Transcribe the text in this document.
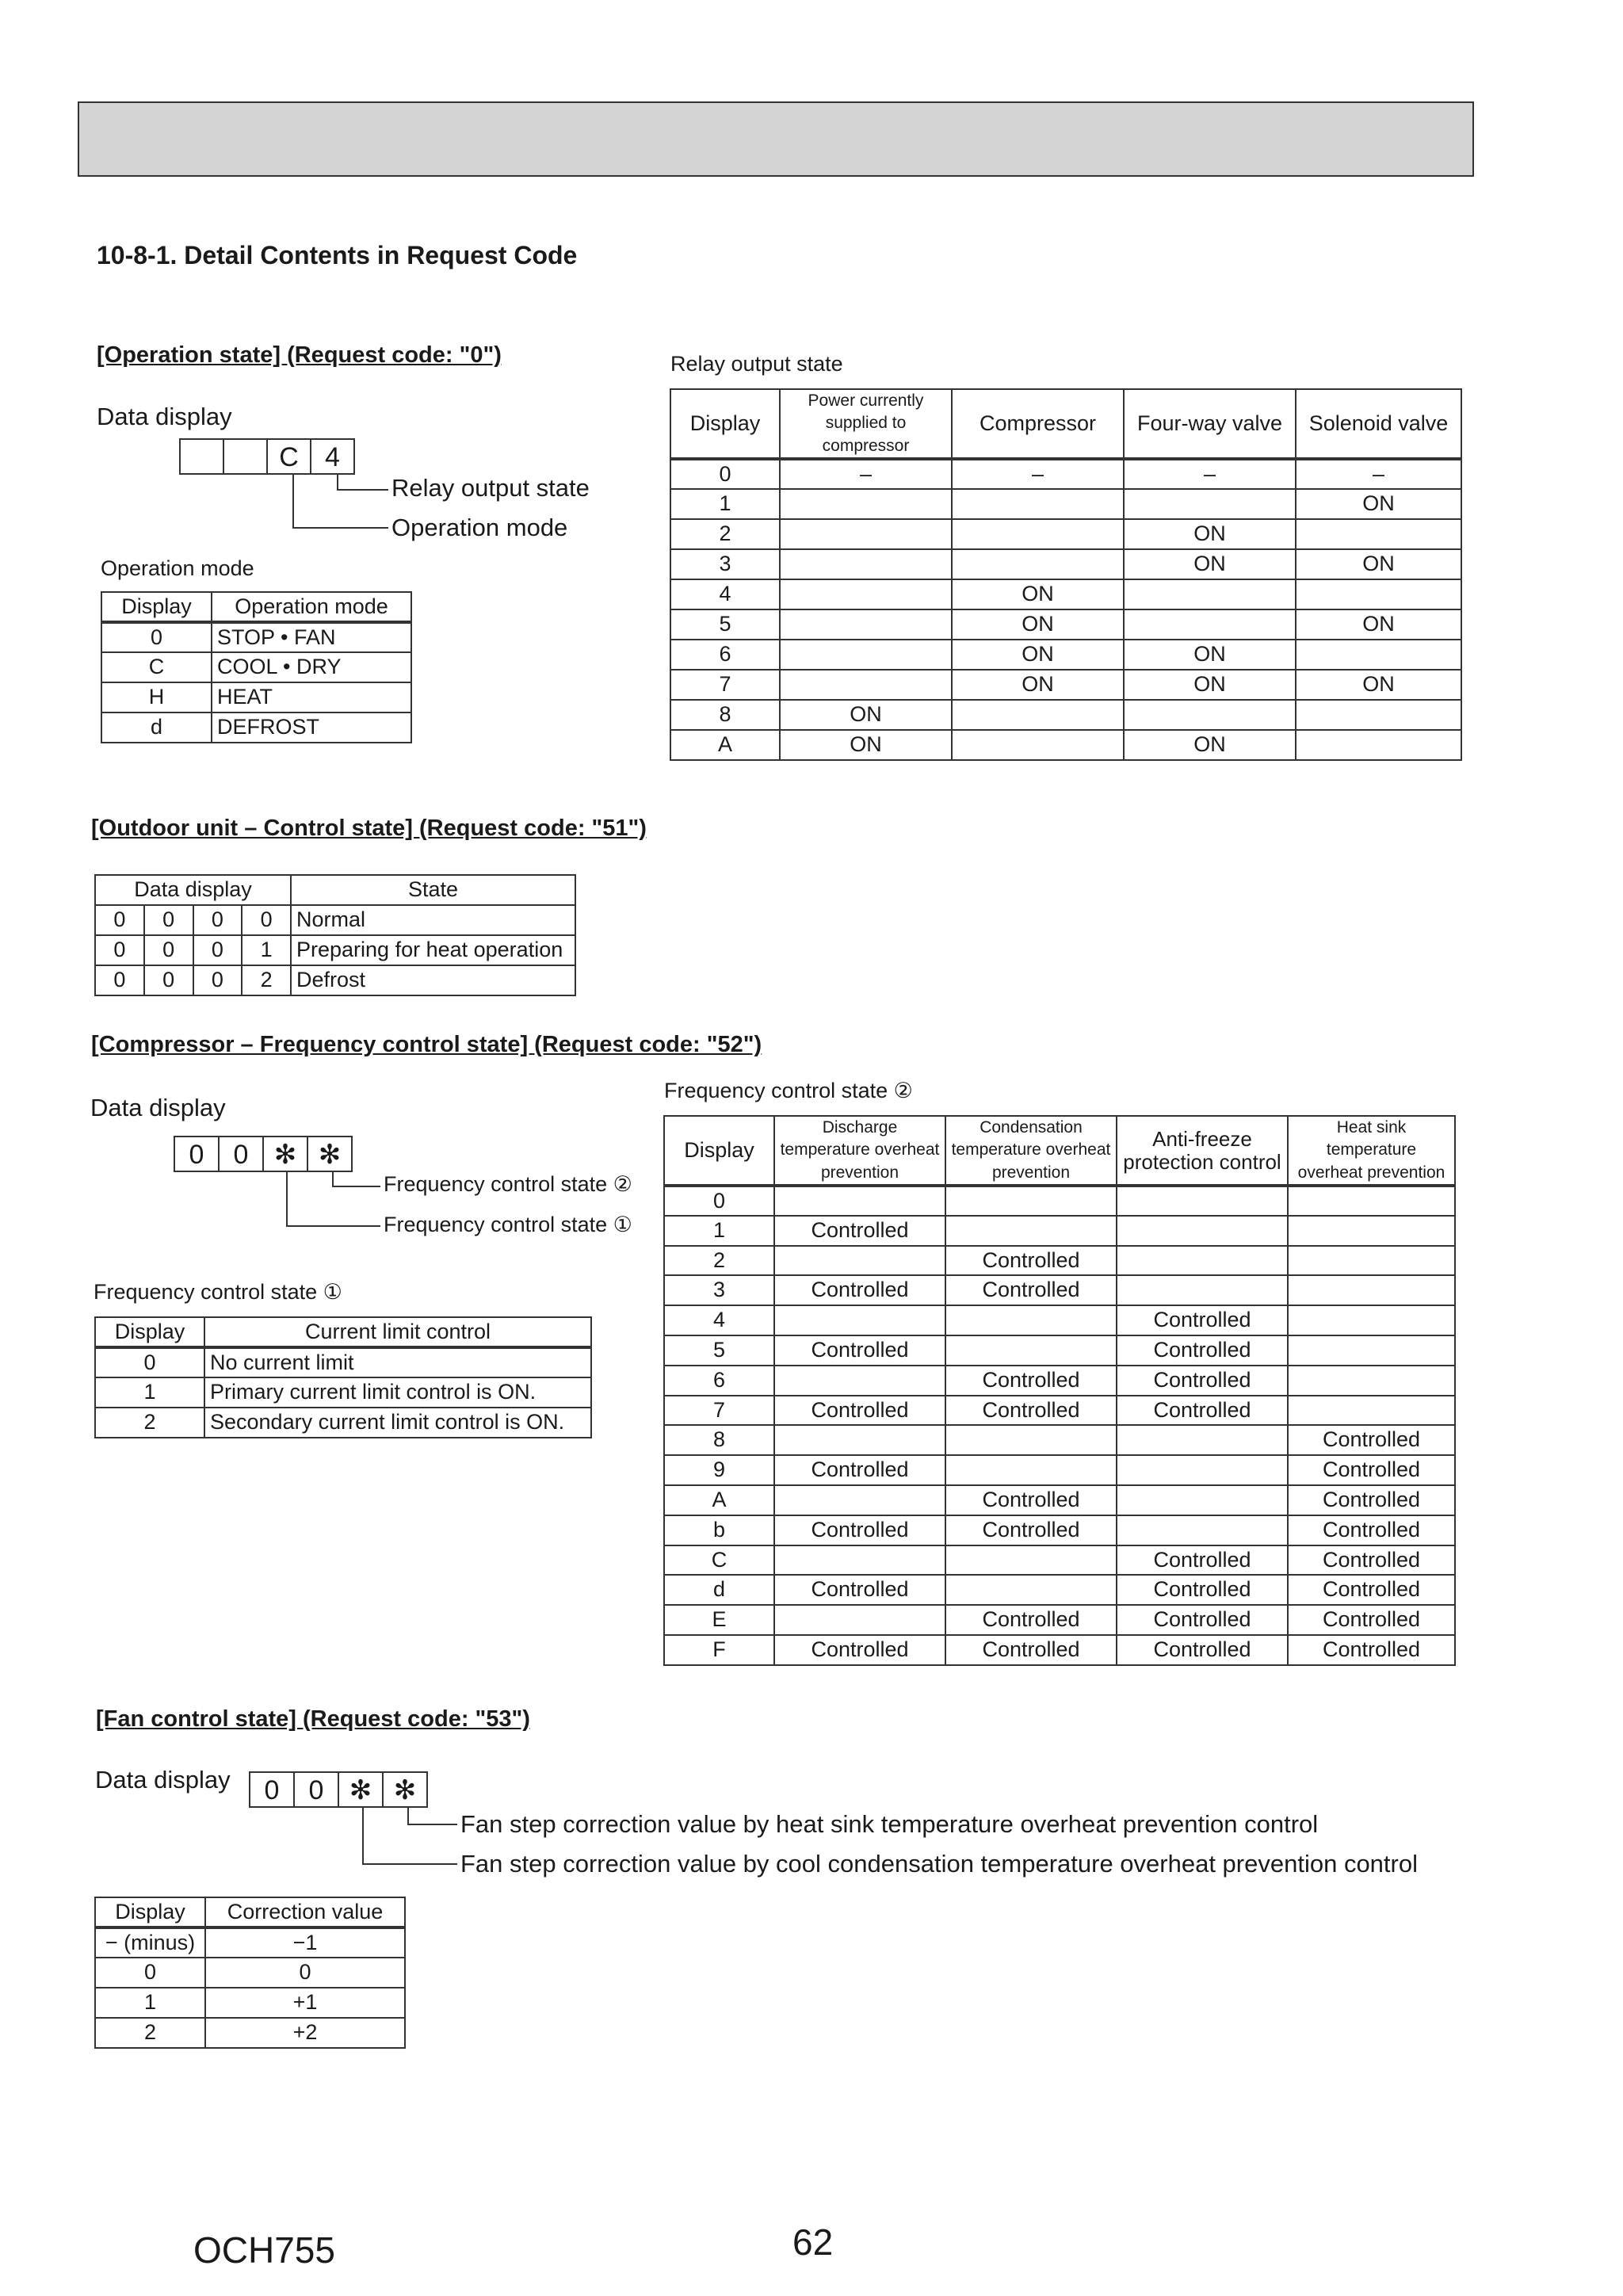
10-8-1. Detail Contents in Request Code
[Operation state] (Request code: "0")
Data display
C 4
Relay output state
Operation mode
Operation mode
Display	Operation mode
0	STOP • FAN
C	COOL • DRY
H	HEAT
d	DEFROST
Relay output state
Display	Power currently supplied to compressor	Compressor	Four-way valve	Solenoid valve
0	–	–	–	–
1				ON
2			ON	
3			ON	ON
4		ON		
5		ON		ON
6		ON	ON	
7		ON	ON	ON
8	ON			
A	ON		ON	
[Outdoor unit – Control state] (Request code: "51")
Data display				State
0	0	0	0	Normal
0	0	0	1	Preparing for heat operation
0	0	0	2	Defrost
[Compressor – Frequency control state] (Request code: "52")
Data display
0	0 ✻ ✻
Frequency control state ②
Frequency control state ①
Frequency control state ①
Display	Current limit control
0	No current limit
1	Primary current limit control is ON.
2	Secondary current limit control is ON.
Frequency control state ②
Display	Discharge temperature overheat prevention	Condensation temperature overheat prevention	Anti-freeze protection control	Heat sink temperature overheat prevention
0				
1	Controlled			
2		Controlled		
3	Controlled	Controlled		
4			Controlled	
5	Controlled		Controlled	
6		Controlled	Controlled	
7	Controlled	Controlled	Controlled	
8				Controlled
9	Controlled			Controlled
A		Controlled		Controlled
b	Controlled	Controlled		Controlled
C			Controlled	Controlled
d	Controlled		Controlled	Controlled
E		Controlled	Controlled	Controlled
F	Controlled	Controlled	Controlled	Controlled
[Fan control state] (Request code: "53")
Data display	0	0 ✻ ✻
Fan step correction value by heat sink temperature overheat prevention control
Fan step correction value by cool condensation temperature overheat prevention control
Display	Correction value
− (minus)	−1
0	0
1	+1
2	+2
OCH755	62
